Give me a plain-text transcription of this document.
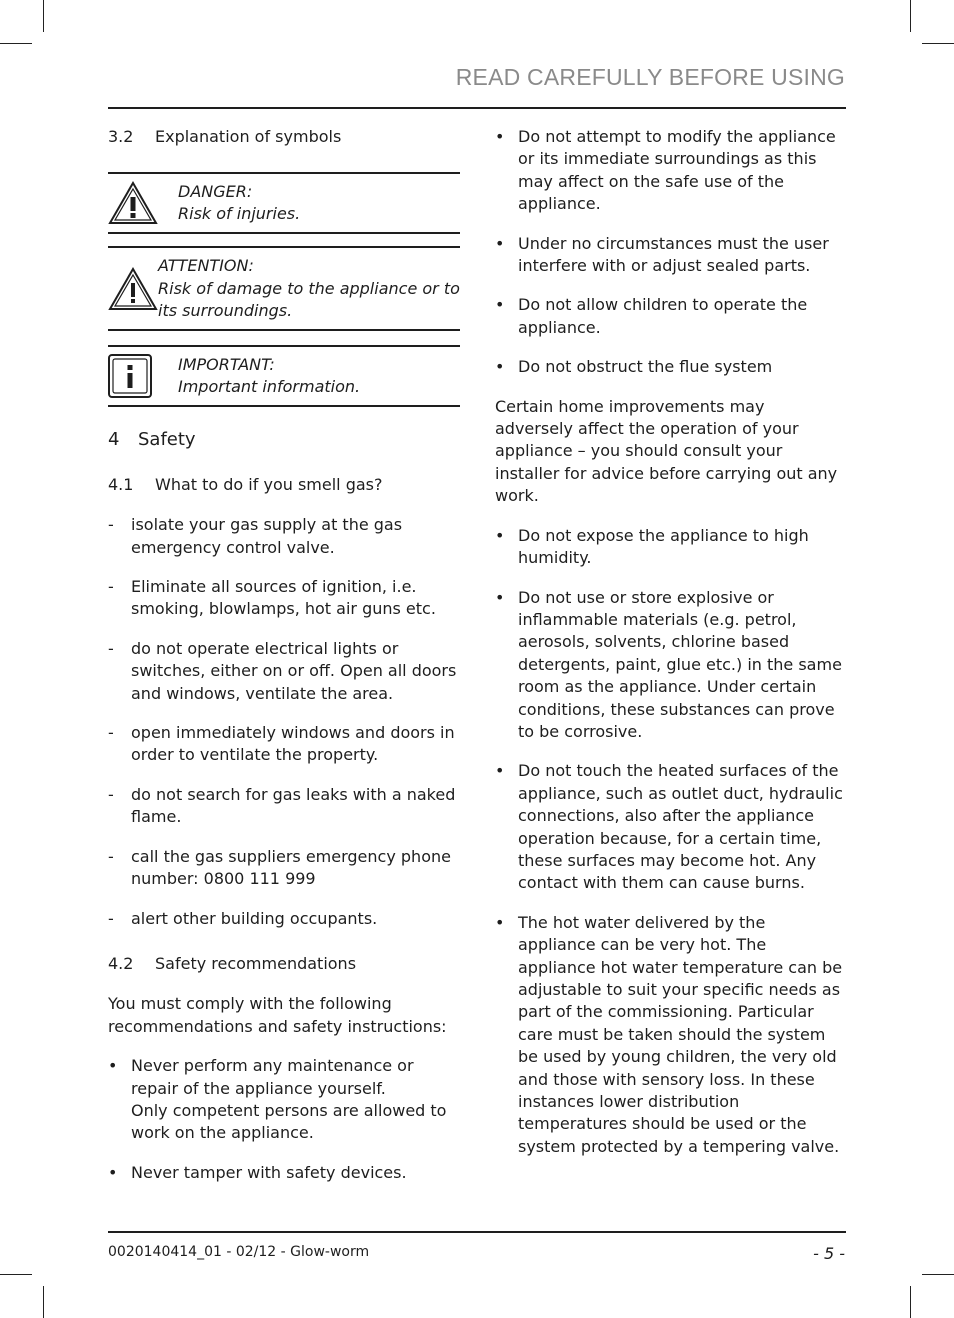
READ CAREFULLY BEFORE USING
3.2	Explanation of symbols
DANGER:
Risk of injuries.
ATTENTION:
Risk of damage to the appliance or to its surroundings.
IMPORTANT:
Important information.
4	Safety
4.1	What to do if you smell gas?
-	isolate your gas supply at the gas emergency control valve.
-	Eliminate all sources of ignition, i.e. smoking, blowlamps, hot air guns etc.
-	do not operate electrical lights or switches, either on or off. Open all doors and windows, ventilate the area.
-	open immediately windows and doors in order to ventilate the property.
-	do not search for gas leaks with a naked flame.
-	call the gas suppliers emergency phone number: 0800 111 999
-	alert other building occupants.
4.2	Safety recommendations

You must comply with the following recommendations and safety instructions:

• Never perform any maintenance or repair of the appliance yourself.
Only competent persons are allowed to work on the appliance.
• Never tamper with safety devices.
• Do not attempt to modify the appliance or its immediate surroundings as this may affect on the safe use of the appliance.
• Under no circumstances must the user interfere with or adjust sealed parts.
• Do not allow children to operate the appliance.
• Do not obstruct the flue system

Certain home improvements may adversely affect the operation of your appliance – you should consult your installer for advice before carrying out any work.

• Do not expose the appliance to high humidity.
• Do not use or store explosive or inflammable materials (e.g. petrol, aerosols, solvents, chlorine based detergents, paint, glue etc.) in the same room as the appliance. Under certain conditions, these substances can prove to be corrosive.
• Do not touch the heated surfaces of the appliance, such as outlet duct, hydraulic connections, also after the appliance operation because, for a certain time, these surfaces may become hot. Any contact with them can cause burns.
• The hot water delivered by the appliance can be very hot. The appliance hot water temperature can be adjustable to suit your specific needs as part of the commissioning. Particular care must be taken should the system be used by young children, the very old and those with sensory loss. In these instances lower distribution temperatures should be used or the system protected by a tempering valve.
0020140414_01 - 02/12 - Glow-worm	- 5 -
